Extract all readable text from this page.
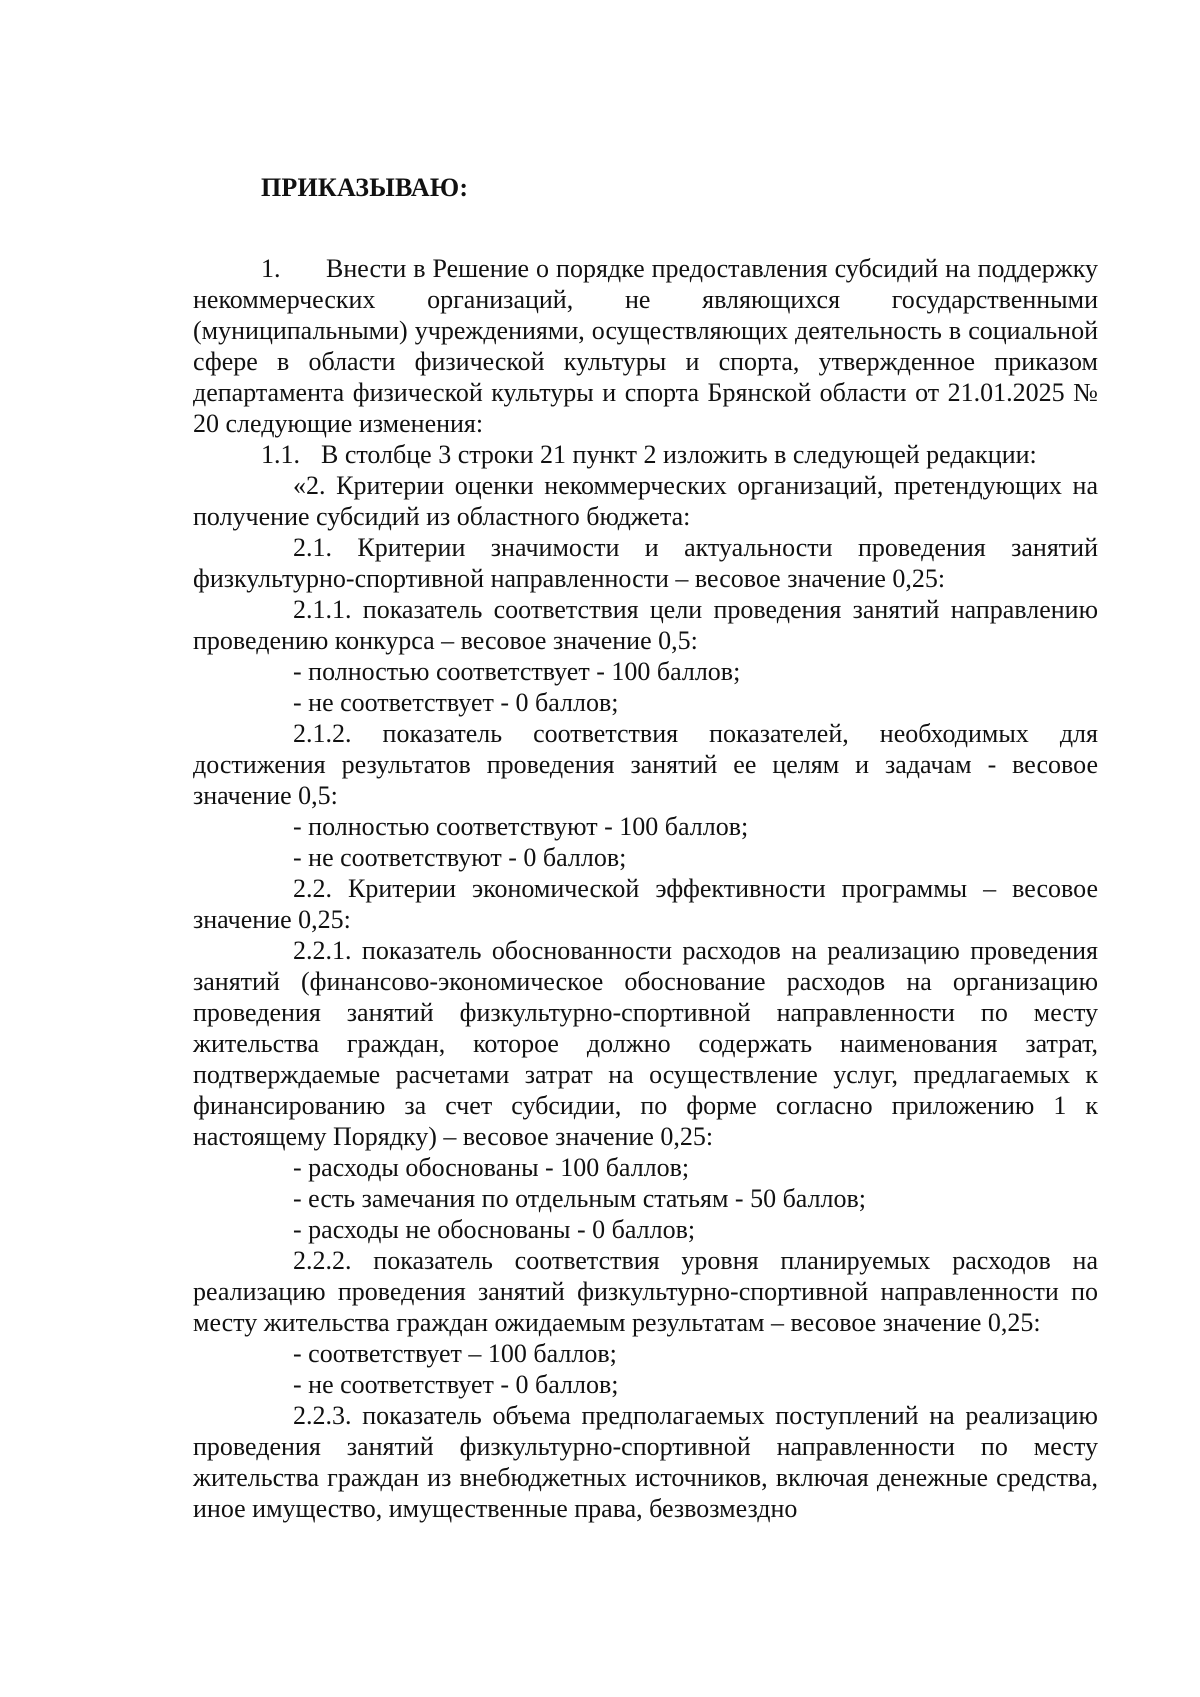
ПРИКАЗЫВАЮ:

1. Внести в Решение о порядке предоставления субсидий на поддержку некоммерческих организаций, не являющихся государственными (муниципальными) учреждениями, осуществляющих деятельность в социальной сфере в области физической культуры и спорта, утвержденное приказом департамента физической культуры и спорта Брянской области от 21.01.2025 № 20 следующие изменения:

1.1. В столбце 3 строки 21 пункт 2 изложить в следующей редакции:

«2. Критерии оценки некоммерческих организаций, претендующих на получение субсидий из областного бюджета:

2.1. Критерии значимости и актуальности проведения занятий физкультурно-спортивной направленности – весовое значение 0,25:

2.1.1. показатель соответствия цели проведения занятий направлению проведению конкурса – весовое значение 0,5:

- полностью соответствует - 100 баллов;

- не соответствует - 0 баллов;

2.1.2. показатель соответствия показателей, необходимых для достижения результатов проведения занятий ее целям и задачам - весовое значение 0,5:

- полностью соответствуют - 100 баллов;

- не соответствуют - 0 баллов;

2.2. Критерии экономической эффективности программы – весовое значение 0,25:

2.2.1. показатель обоснованности расходов на реализацию проведения занятий (финансово-экономическое обоснование расходов на организацию проведения занятий физкультурно-спортивной направленности по месту жительства граждан, которое должно содержать наименования затрат, подтверждаемые расчетами затрат на осуществление услуг, предлагаемых к финансированию за счет субсидии, по форме согласно приложению 1 к настоящему Порядку) – весовое значение 0,25:

- расходы обоснованы - 100 баллов;

- есть замечания по отдельным статьям - 50 баллов;

- расходы не обоснованы - 0 баллов;

2.2.2. показатель соответствия уровня планируемых расходов на реализацию проведения занятий физкультурно-спортивной направленности по месту жительства граждан ожидаемым результатам – весовое значение 0,25:

- соответствует – 100 баллов;

- не соответствует - 0 баллов;

2.2.3. показатель объема предполагаемых поступлений на реализацию проведения занятий физкультурно-спортивной направленности по месту жительства граждан из внебюджетных источников, включая денежные средства, иное имущество, имущественные права, безвозмездно
